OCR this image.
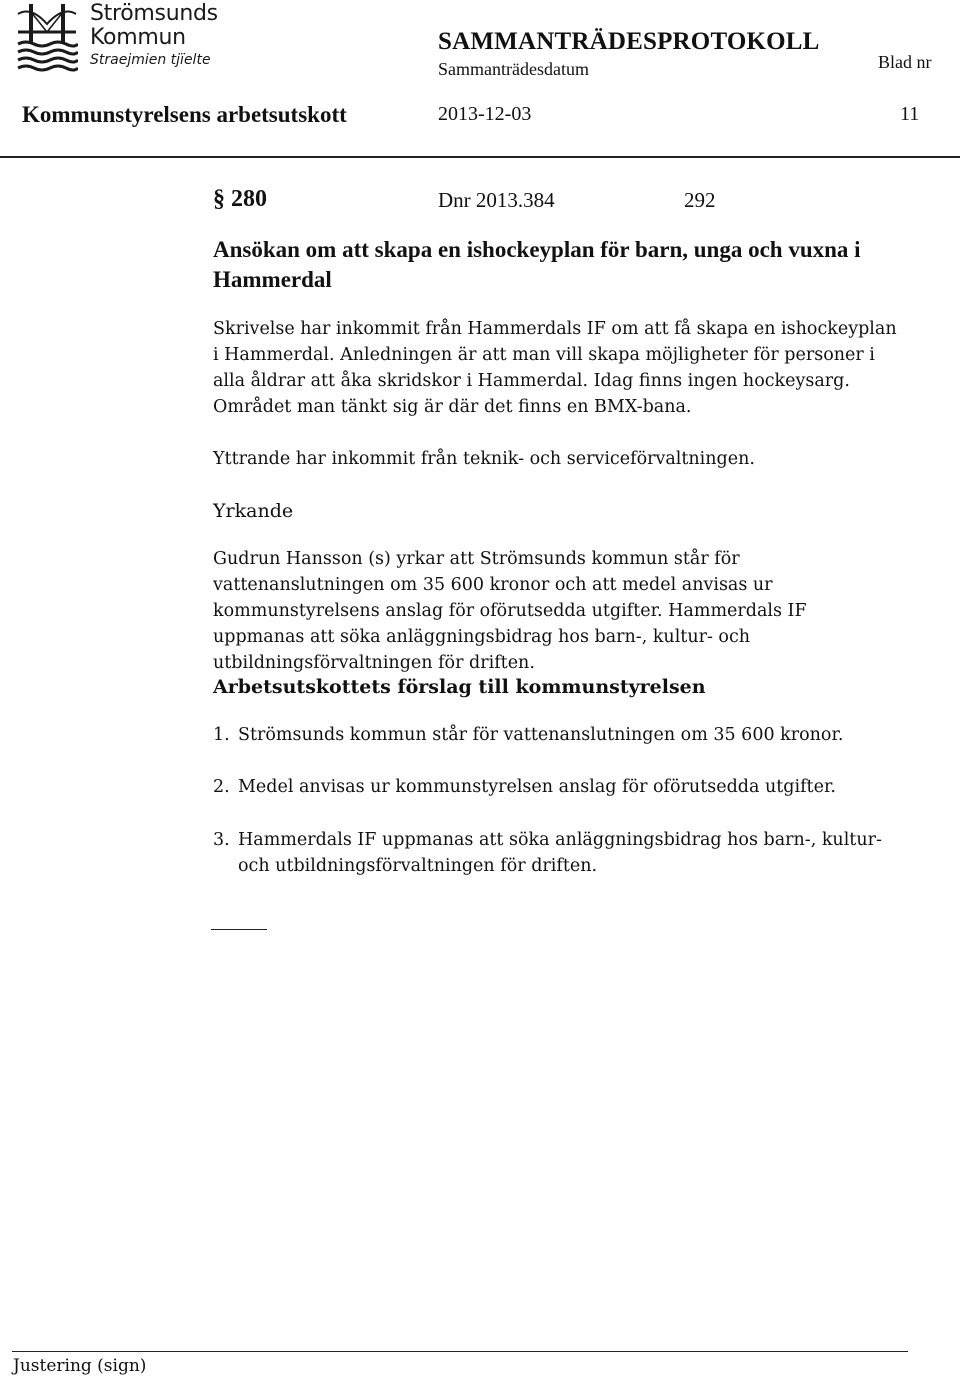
Strömsunds
Kommun
Straejmien tjïelte
SAMMANTRÄDESPROTOKOLL
Sammanträdesdatum	Blad nr
Kommunstyrelsens arbetsutskott	2013-12-03	11
§ 280	Dnr 2013.384	292
Ansökan om att skapa en ishockeyplan för barn, unga och vuxna i Hammerdal
Skrivelse har inkommit från Hammerdals IF om att få skapa en ishockeyplan i Hammerdal. Anledningen är att man vill skapa möjligheter för personer i alla åldrar att åka skridskor i Hammerdal. Idag finns ingen hockeysarg. Området man tänkt sig är där det finns en BMX-bana.
Yttrande har inkommit från teknik- och serviceförvaltningen.
Yrkande
Gudrun Hansson (s) yrkar att Strömsunds kommun står för vattenanslutningen om 35 600 kronor och att medel anvisas ur kommunstyrelsens anslag för oförutsedda utgifter. Hammerdals IF uppmanas att söka anläggningsbidrag hos barn-, kultur- och utbildningsförvaltningen för driften.
Arbetsutskottets förslag till kommunstyrelsen
1. Strömsunds kommun står för vattenanslutningen om 35 600 kronor.
2. Medel anvisas ur kommunstyrelsen anslag för oförutsedda utgifter.
3. Hammerdals IF uppmanas att söka anläggningsbidrag hos barn-, kultur- och utbildningsförvaltningen för driften.
Justering (sign)
